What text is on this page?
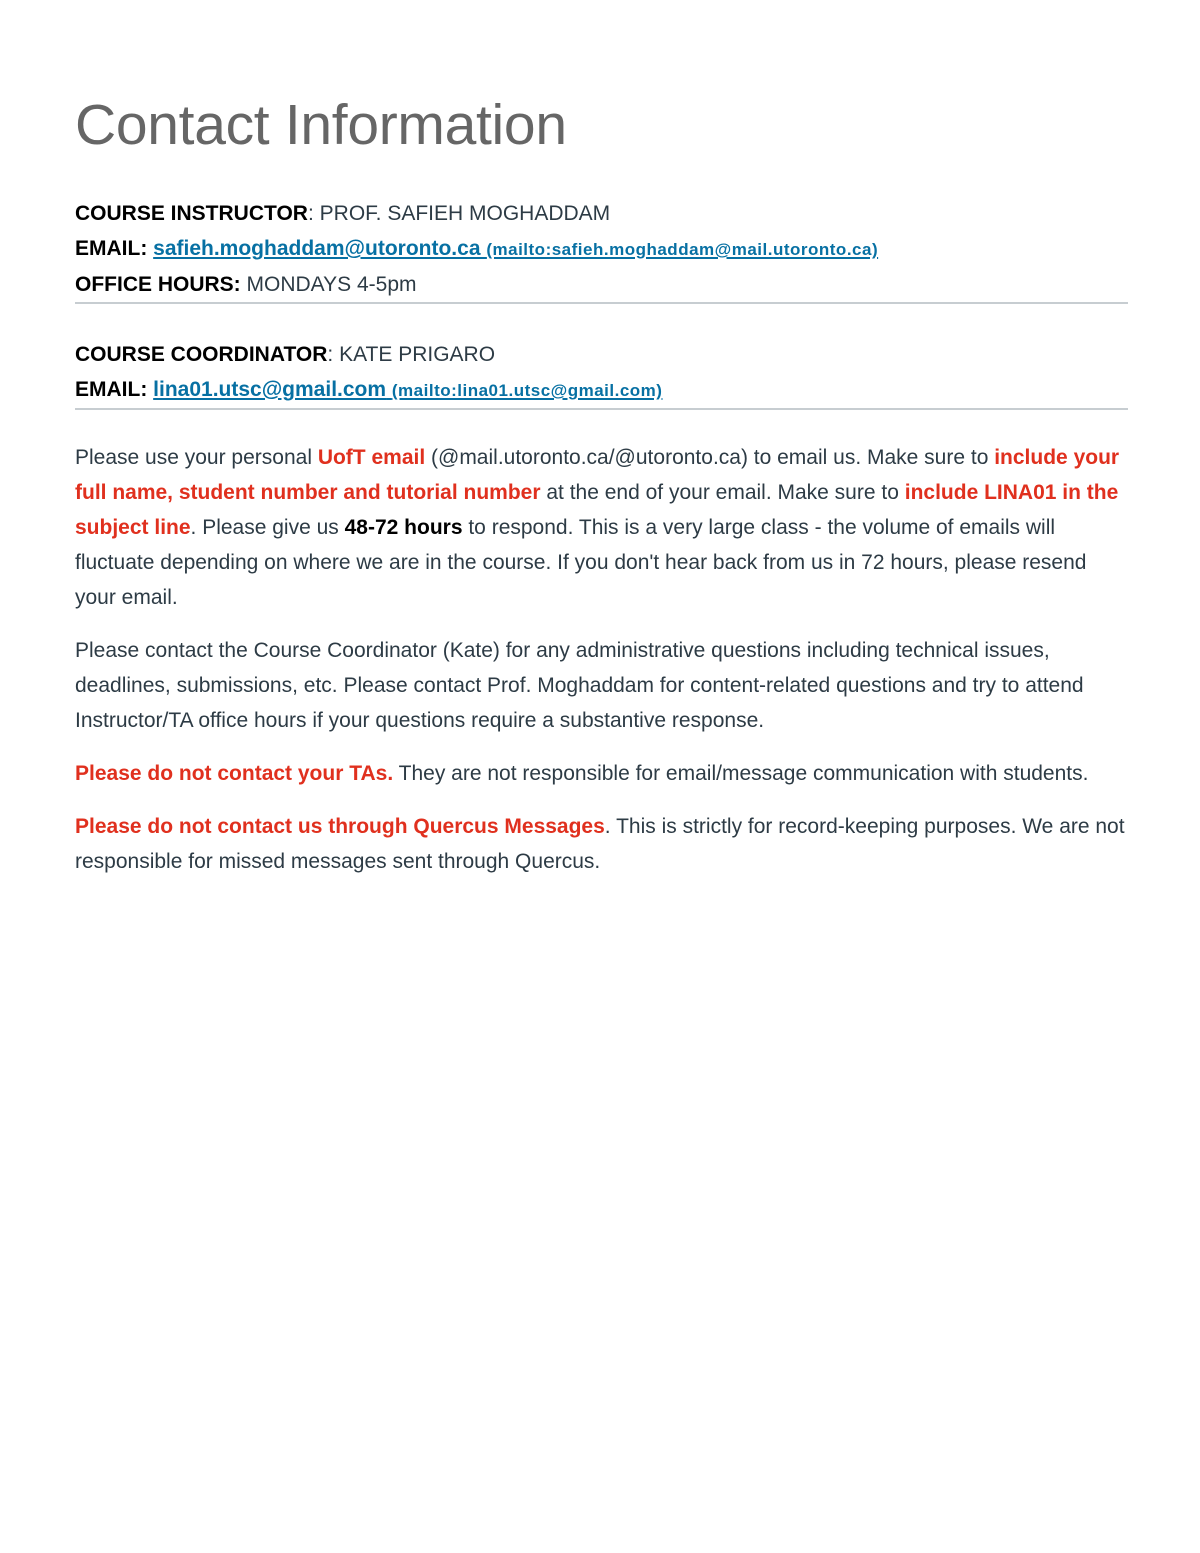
Contact Information
COURSE INSTRUCTOR: PROF. SAFIEH MOGHADDAM
EMAIL: safieh.moghaddam@utoronto.ca (mailto:safieh.moghaddam@mail.utoronto.ca)
OFFICE HOURS: MONDAYS 4-5pm
COURSE COORDINATOR: KATE PRIGARO
EMAIL: lina01.utsc@gmail.com (mailto:lina01.utsc@gmail.com)

Please use your personal UofT email (@mail.utoronto.ca/@utoronto.ca) to email us. Make sure to include your full name, student number and tutorial number at the end of your email. Make sure to include LINA01 in the subject line. Please give us 48-72 hours to respond. This is a very large class - the volume of emails will fluctuate depending on where we are in the course. If you don't hear back from us in 72 hours, please resend your email.

Please contact the Course Coordinator (Kate) for any administrative questions including technical issues, deadlines, submissions, etc. Please contact Prof. Moghaddam for content-related questions and try to attend Instructor/TA office hours if your questions require a substantive response.

Please do not contact your TAs. They are not responsible for email/message communication with students.

Please do not contact us through Quercus Messages. This is strictly for record-keeping purposes. We are not responsible for missed messages sent through Quercus.
